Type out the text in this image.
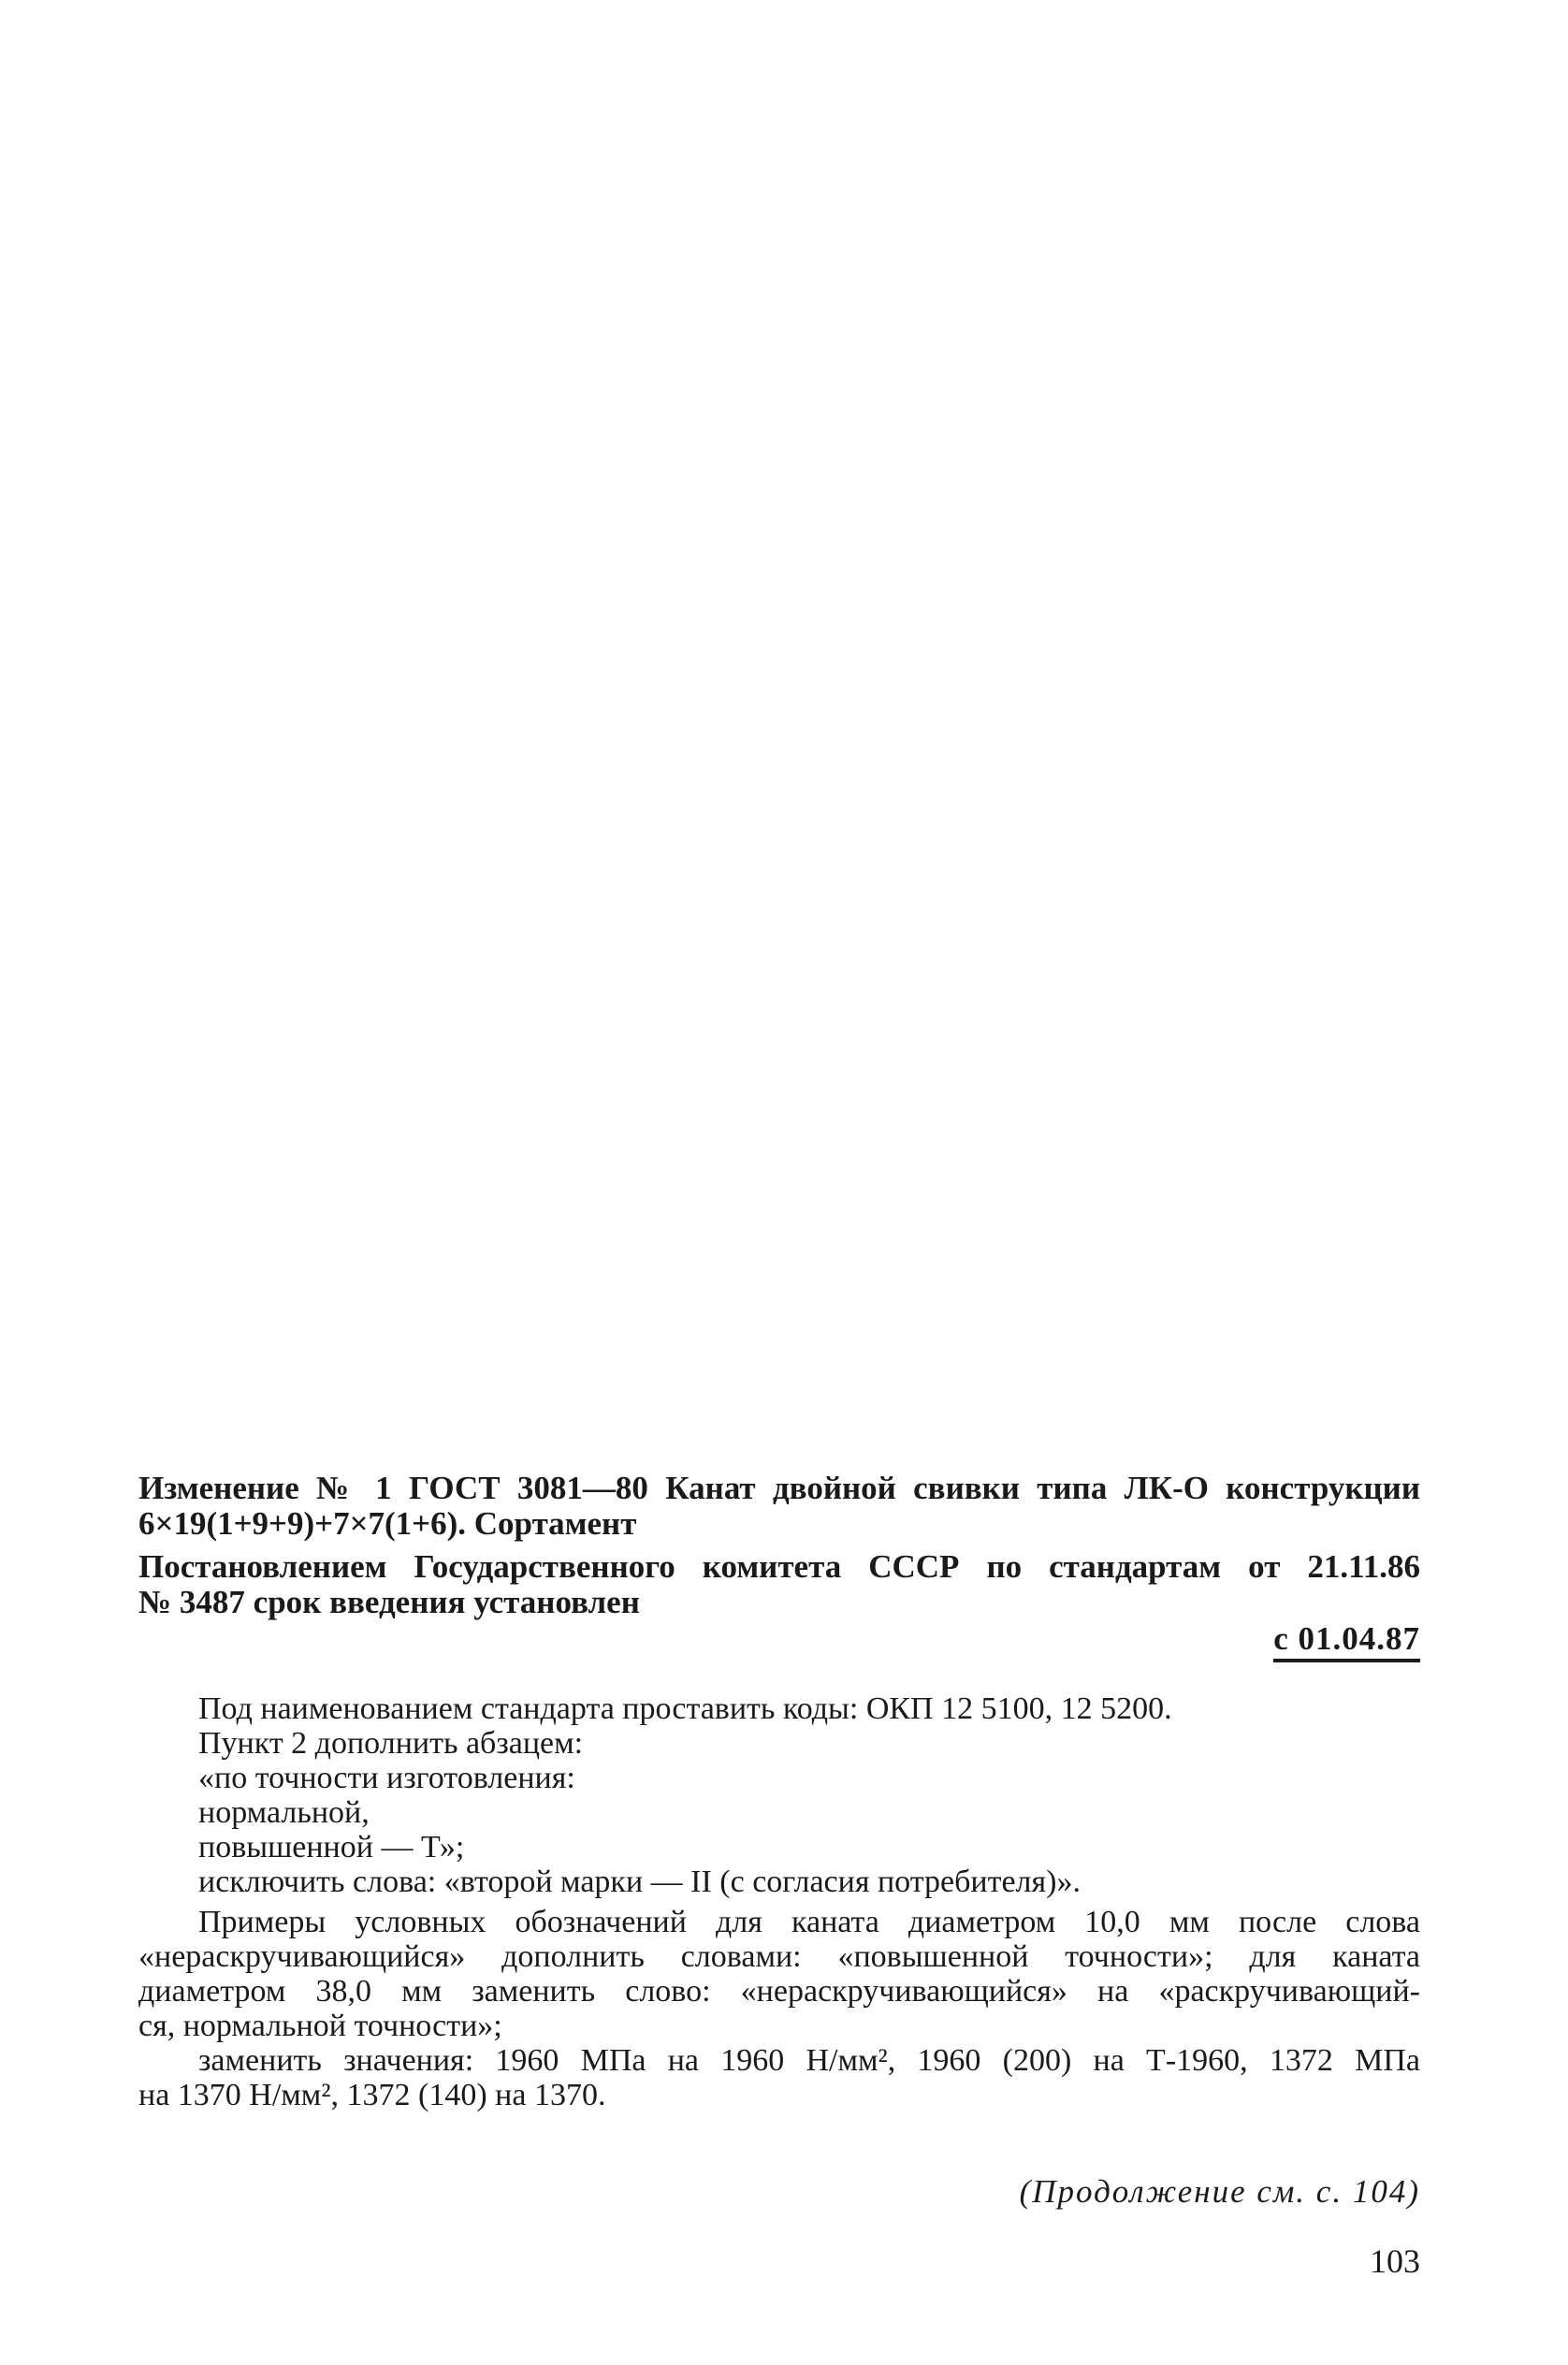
Изменение № 1 ГОСТ 3081—80 Канат двойной свивки типа ЛК-О конструкции
6×19(1+9+9)+7×7(1+6). Сортамент
Постановлением Государственного комитета СССР по стандартам от 21.11.86
№ 3487 срок введения установлен
с 01.04.87
Под наименованием стандарта проставить коды: ОКП 12 5100, 12 5200.
Пункт 2 дополнить абзацем:
«по точности изготовления:
нормальной,
повышенной — Т»;
исключить слова: «второй марки — II (с согласия потребителя)».
Примеры условных обозначений для каната диаметром 10,0 мм после слова
«нераскручивающийся» дополнить словами: «повышенной точности»; для каната
диаметром 38,0 мм заменить слово: «нераскручивающийся» на «раскручивающий-
ся, нормальной точности»;
заменить значения: 1960 МПа на 1960 Н/мм², 1960 (200) на Т-1960, 1372 МПа
на 1370 Н/мм², 1372 (140) на 1370.
(Продолжение см. с. 104)
103
